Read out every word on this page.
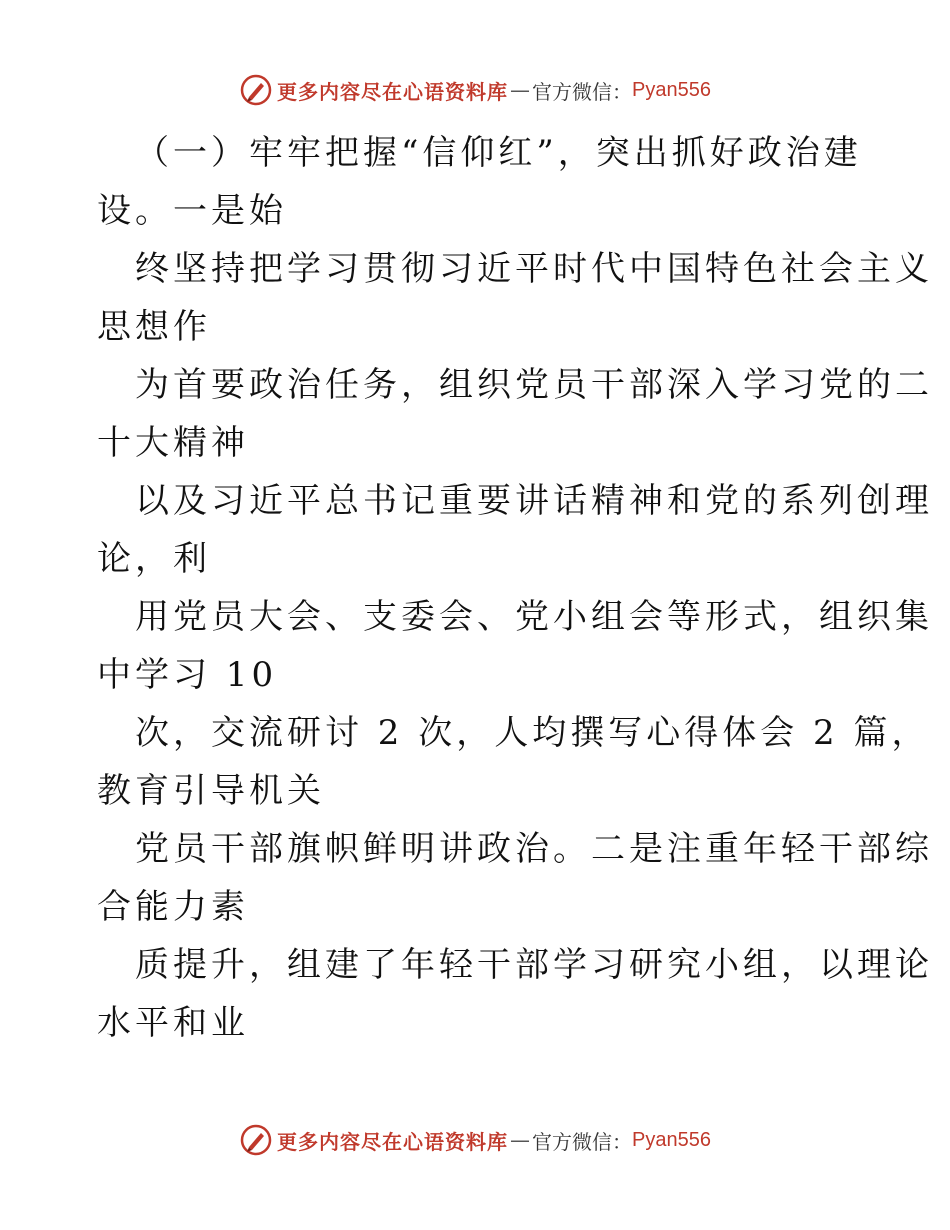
更多内容尽在心语资料库 — 官方微信： Pyan556
（一）牢牢把握“信仰红”，突出抓好政治建
设。一是始
终坚持把学习贯彻习近平时代中国特色社会主义
思想作
为首要政治任务，组织党员干部深入学习党的二
十大精神
以及习近平总书记重要讲话精神和党的系列创理
论，利
用党员大会、支委会、党小组会等形式，组织集
中学习 10
次，交流研讨 2 次，人均撰写心得体会 2 篇，
教育引导机关
党员干部旗帜鲜明讲政治。二是注重年轻干部综
合能力素
质提升，组建了年轻干部学习研究小组，以理论
水平和业
更多内容尽在心语资料库 — 官方微信： Pyan556
